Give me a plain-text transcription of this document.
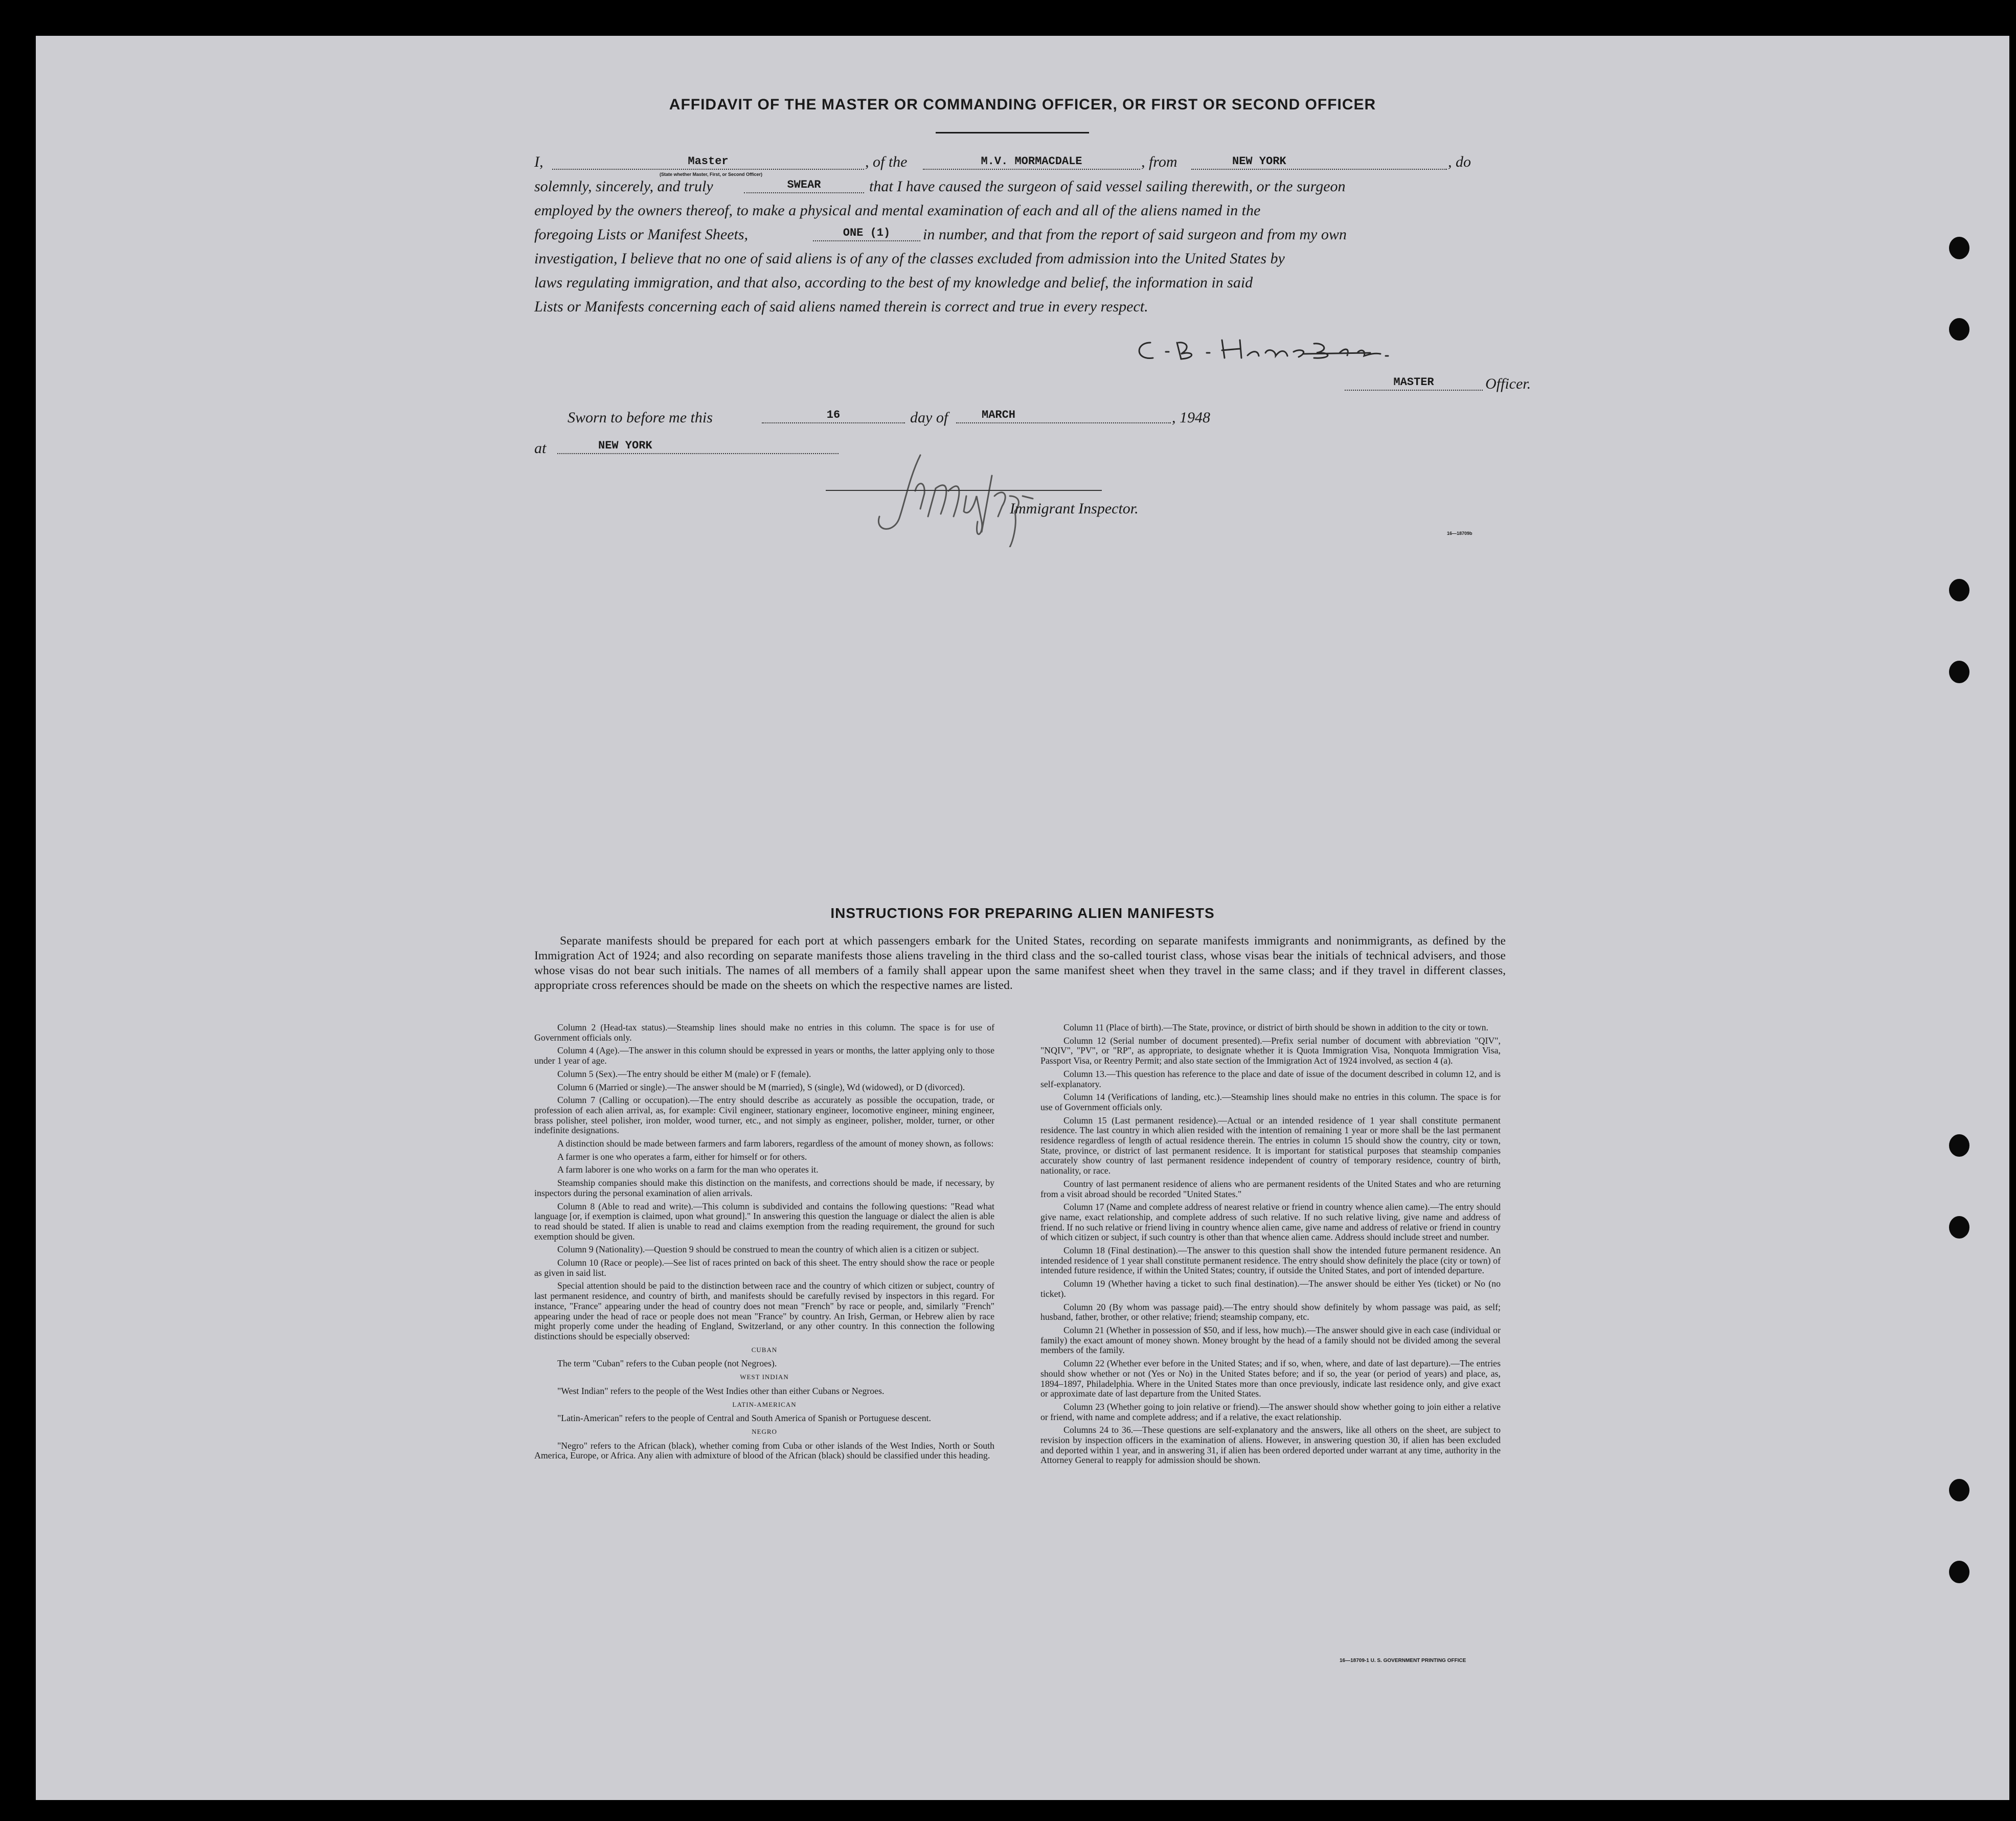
AFFIDAVIT OF THE MASTER OR COMMANDING OFFICER, OR FIRST OR SECOND OFFICER
I,	Master
(State whether Master, First, or Second Officer)
, of the	M.V. MORMACDALE	, from	NEW YORK	, do
solemnly, sincerely, and truly	SWEAR	that I have caused the surgeon of said vessel sailing therewith, or the surgeon
employed by the owners thereof, to make a physical and mental examination of each and all of the aliens named in the
foregoing Lists or Manifest Sheets,	ONE (1)	in number, and that from the report of said surgeon and from my own
investigation, I believe that no one of said aliens is of any of the classes excluded from admission into the United States by
laws regulating immigration, and that also, according to the best of my knowledge and belief, the information in said
Lists or Manifests concerning each of said aliens named therein is correct and true in every respect.
MASTER	Officer.
Sworn to before me this	16	day of	MARCH	, 1948
at	NEW YORK
Immigrant Inspector.
16—18709b
INSTRUCTIONS FOR PREPARING ALIEN MANIFESTS

Separate manifests should be prepared for each port at which passengers embark for the United States, recording on separate manifests immigrants and nonimmigrants, as defined by the Immigration Act of 1924; and also recording on separate manifests those aliens traveling in the third class and the so-called tourist class, whose visas bear the initials of technical advisers, and those whose visas do not bear such initials. The names of all members of a family shall appear upon the same manifest sheet when they travel in the same class; and if they travel in different classes, appropriate cross references should be made on the sheets on which the respective names are listed.

Column 2 (Head-tax status).—Steamship lines should make no entries in this column. The space is for use of Government officials only.

Column 4 (Age).—The answer in this column should be expressed in years or months, the latter applying only to those under 1 year of age.

Column 5 (Sex).—The entry should be either M (male) or F (female).

Column 6 (Married or single).—The answer should be M (married), S (single), Wd (widowed), or D (divorced).

Column 7 (Calling or occupation).—The entry should describe as accurately as possible the occupation, trade, or profession of each alien arrival, as, for example: Civil engineer, stationary engineer, locomotive engineer, mining engineer, brass polisher, steel polisher, iron molder, wood turner, etc., and not simply as engineer, polisher, molder, turner, or other indefinite designations.

A distinction should be made between farmers and farm laborers, regardless of the amount of money shown, as follows:

A farmer is one who operates a farm, either for himself or for others.

A farm laborer is one who works on a farm for the man who operates it.

Steamship companies should make this distinction on the manifests, and corrections should be made, if necessary, by inspectors during the personal examination of alien arrivals.

Column 8 (Able to read and write).—This column is subdivided and contains the following questions: "Read what language [or, if exemption is claimed, upon what ground]." In answering this question the language or dialect the alien is able to read should be stated. If alien is unable to read and claims exemption from the reading requirement, the ground for such exemption should be given.

Column 9 (Nationality).—Question 9 should be construed to mean the country of which alien is a citizen or subject.

Column 10 (Race or people).—See list of races printed on back of this sheet. The entry should show the race or people as given in said list.

Special attention should be paid to the distinction between race and the country of which citizen or subject, country of last permanent residence, and country of birth, and manifests should be carefully revised by inspectors in this regard. For instance, "France" appearing under the head of country does not mean "French" by race or people, and, similarly "French" appearing under the head of race or people does not mean "France" by country. An Irish, German, or Hebrew alien by race might properly come under the heading of England, Switzerland, or any other country. In this connection the following distinctions should be especially observed:

CUBAN

The term "Cuban" refers to the Cuban people (not Negroes).

WEST INDIAN

"West Indian" refers to the people of the West Indies other than either Cubans or Negroes.

LATIN-AMERICAN

"Latin-American" refers to the people of Central and South America of Spanish or Portuguese descent.

NEGRO

"Negro" refers to the African (black), whether coming from Cuba or other islands of the West Indies, North or South America, Europe, or Africa. Any alien with admixture of blood of the African (black) should be classified under this heading.

Column 11 (Place of birth).—The State, province, or district of birth should be shown in addition to the city or town.

Column 12 (Serial number of document presented).—Prefix serial number of document with abbreviation "QIV", "NQIV", "PV", or "RP", as appropriate, to designate whether it is Quota Immigration Visa, Nonquota Immigration Visa, Passport Visa, or Reentry Permit; and also state section of the Immigration Act of 1924 involved, as section 4 (a).

Column 13.—This question has reference to the place and date of issue of the document described in column 12, and is self-explanatory.

Column 14 (Verifications of landing, etc.).—Steamship lines should make no entries in this column. The space is for use of Government officials only.

Column 15 (Last permanent residence).—Actual or an intended residence of 1 year shall constitute permanent residence. The last country in which alien resided with the intention of remaining 1 year or more shall be the last permanent residence regardless of length of actual residence therein. The entries in column 15 should show the country, city or town, State, province, or district of last permanent residence. It is important for statistical purposes that steamship companies accurately show country of last permanent residence independent of country of temporary residence, country of birth, nationality, or race.

Country of last permanent residence of aliens who are permanent residents of the United States and who are returning from a visit abroad should be recorded "United States."

Column 17 (Name and complete address of nearest relative or friend in country whence alien came).—The entry should give name, exact relationship, and complete address of such relative. If no such relative living, give name and address of friend. If no such relative or friend living in country whence alien came, give name and address of relative or friend in country of which citizen or subject, if such country is other than that whence alien came. Address should include street and number.

Column 18 (Final destination).—The answer to this question shall show the intended future permanent residence. An intended residence of 1 year shall constitute permanent residence. The entry should show definitely the place (city or town) of intended future residence, if within the United States; country, if outside the United States, and port of intended departure.

Column 19 (Whether having a ticket to such final destination).—The answer should be either Yes (ticket) or No (no ticket).

Column 20 (By whom was passage paid).—The entry should show definitely by whom passage was paid, as self; husband, father, brother, or other relative; friend; steamship company, etc.

Column 21 (Whether in possession of $50, and if less, how much).—The answer should give in each case (individual or family) the exact amount of money shown. Money brought by the head of a family should not be divided among the several members of the family.

Column 22 (Whether ever before in the United States; and if so, when, where, and date of last departure).—The entries should show whether or not (Yes or No) in the United States before; and if so, the year (or period of years) and place, as, 1894–1897, Philadelphia. Where in the United States more than once previously, indicate last residence only, and give exact or approximate date of last departure from the United States.

Column 23 (Whether going to join relative or friend).—The answer should show whether going to join either a relative or friend, with name and complete address; and if a relative, the exact relationship.

Columns 24 to 36.—These questions are self-explanatory and the answers, like all others on the sheet, are subject to revision by inspection officers in the examination of aliens. However, in answering question 30, if alien has been excluded and deported within 1 year, and in answering 31, if alien has been ordered deported under warrant at any time, authority in the Attorney General to reapply for admission should be shown.

16—18709-1 U. S. GOVERNMENT PRINTING OFFICE
